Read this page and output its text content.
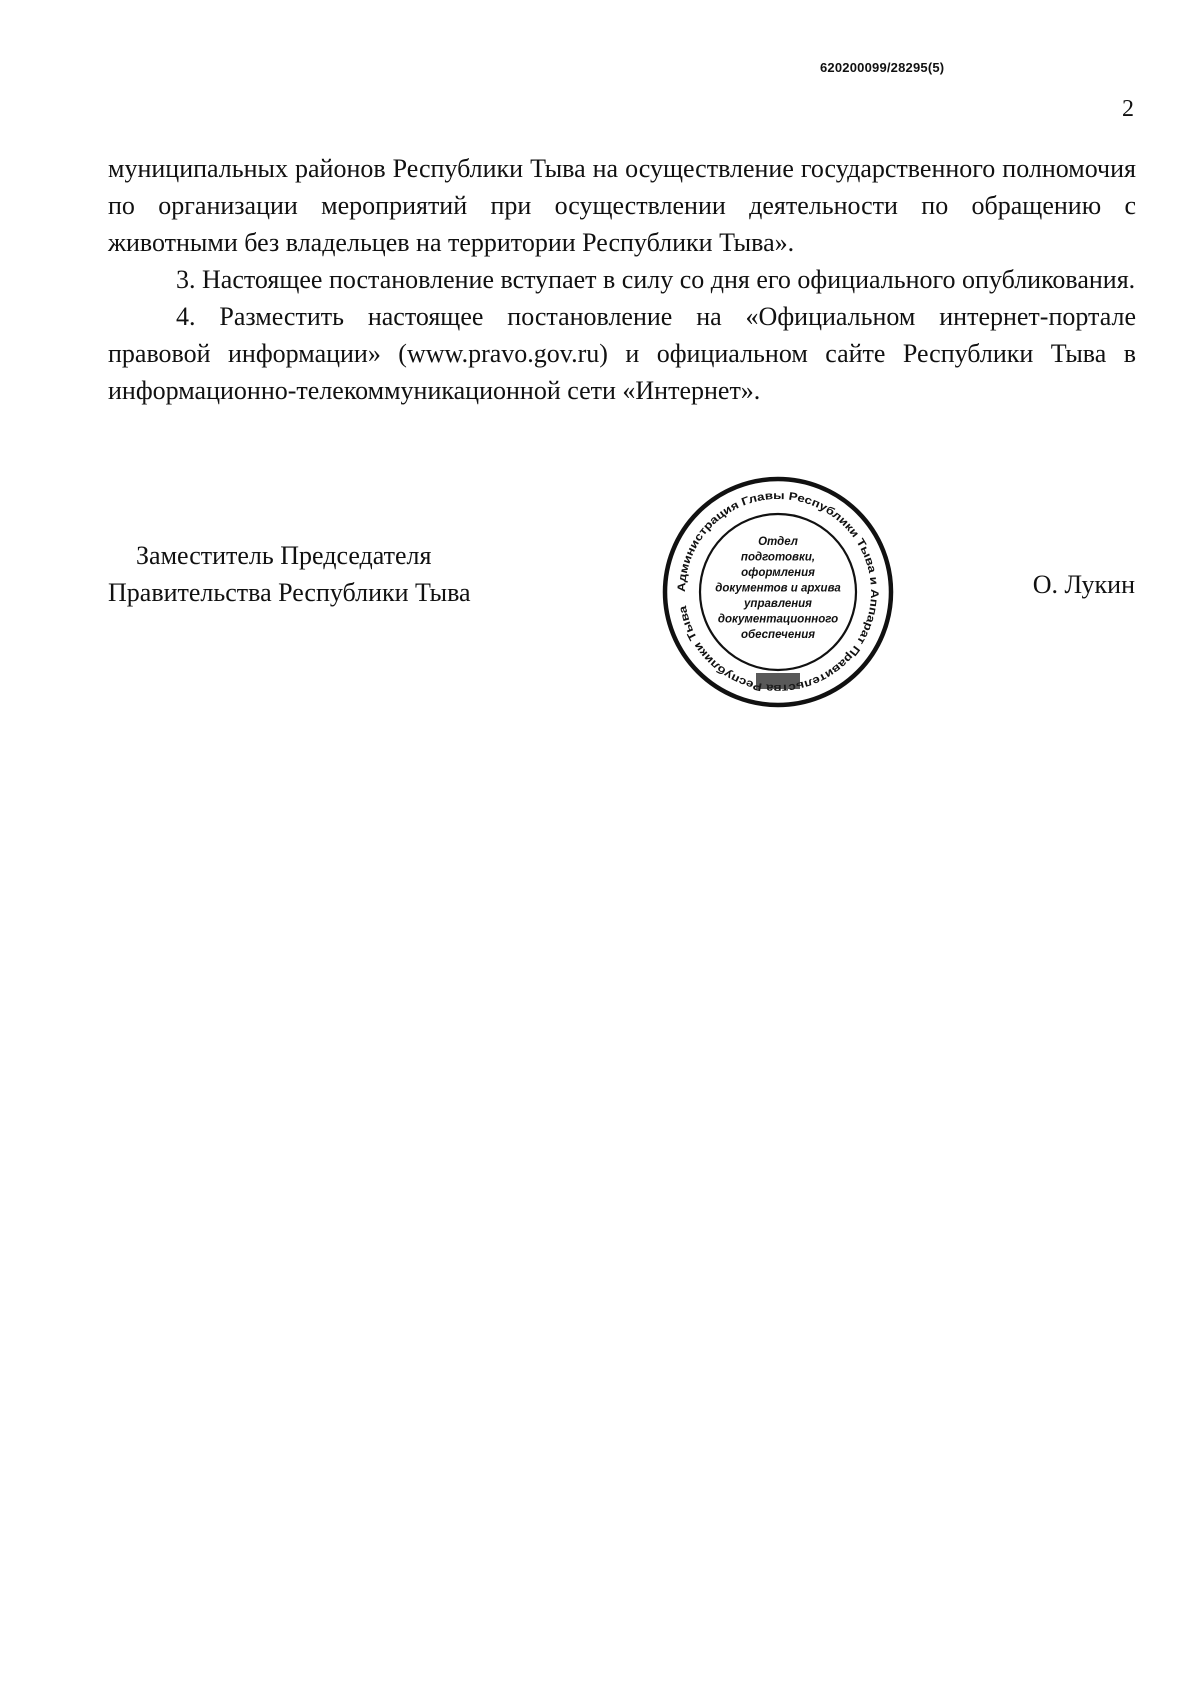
620200099/28295(5)
2

муниципальных районов Республики Тыва на осуществление государственного полномочия по организации мероприятий при осуществлении деятельности по обращению с животными без владельцев на территории Республики Тыва».

3. Настоящее постановление вступает в силу со дня его официального опубликования.

4. Разместить настоящее постановление на «Официальном интернет-портале правовой информации» (www.pravo.gov.ru) и официальном сайте Республики Тыва в информационно-телекоммуникационной сети «Интернет».

Заместитель Председателя
Правительства Республики Тыва	О. Лукин
Администрация Главы Республики Тыва и Аппарат Правитель еспублики Тыва
Отдел
подготовки,
оформления
документов и архива
управления
документационного
обеспечения
